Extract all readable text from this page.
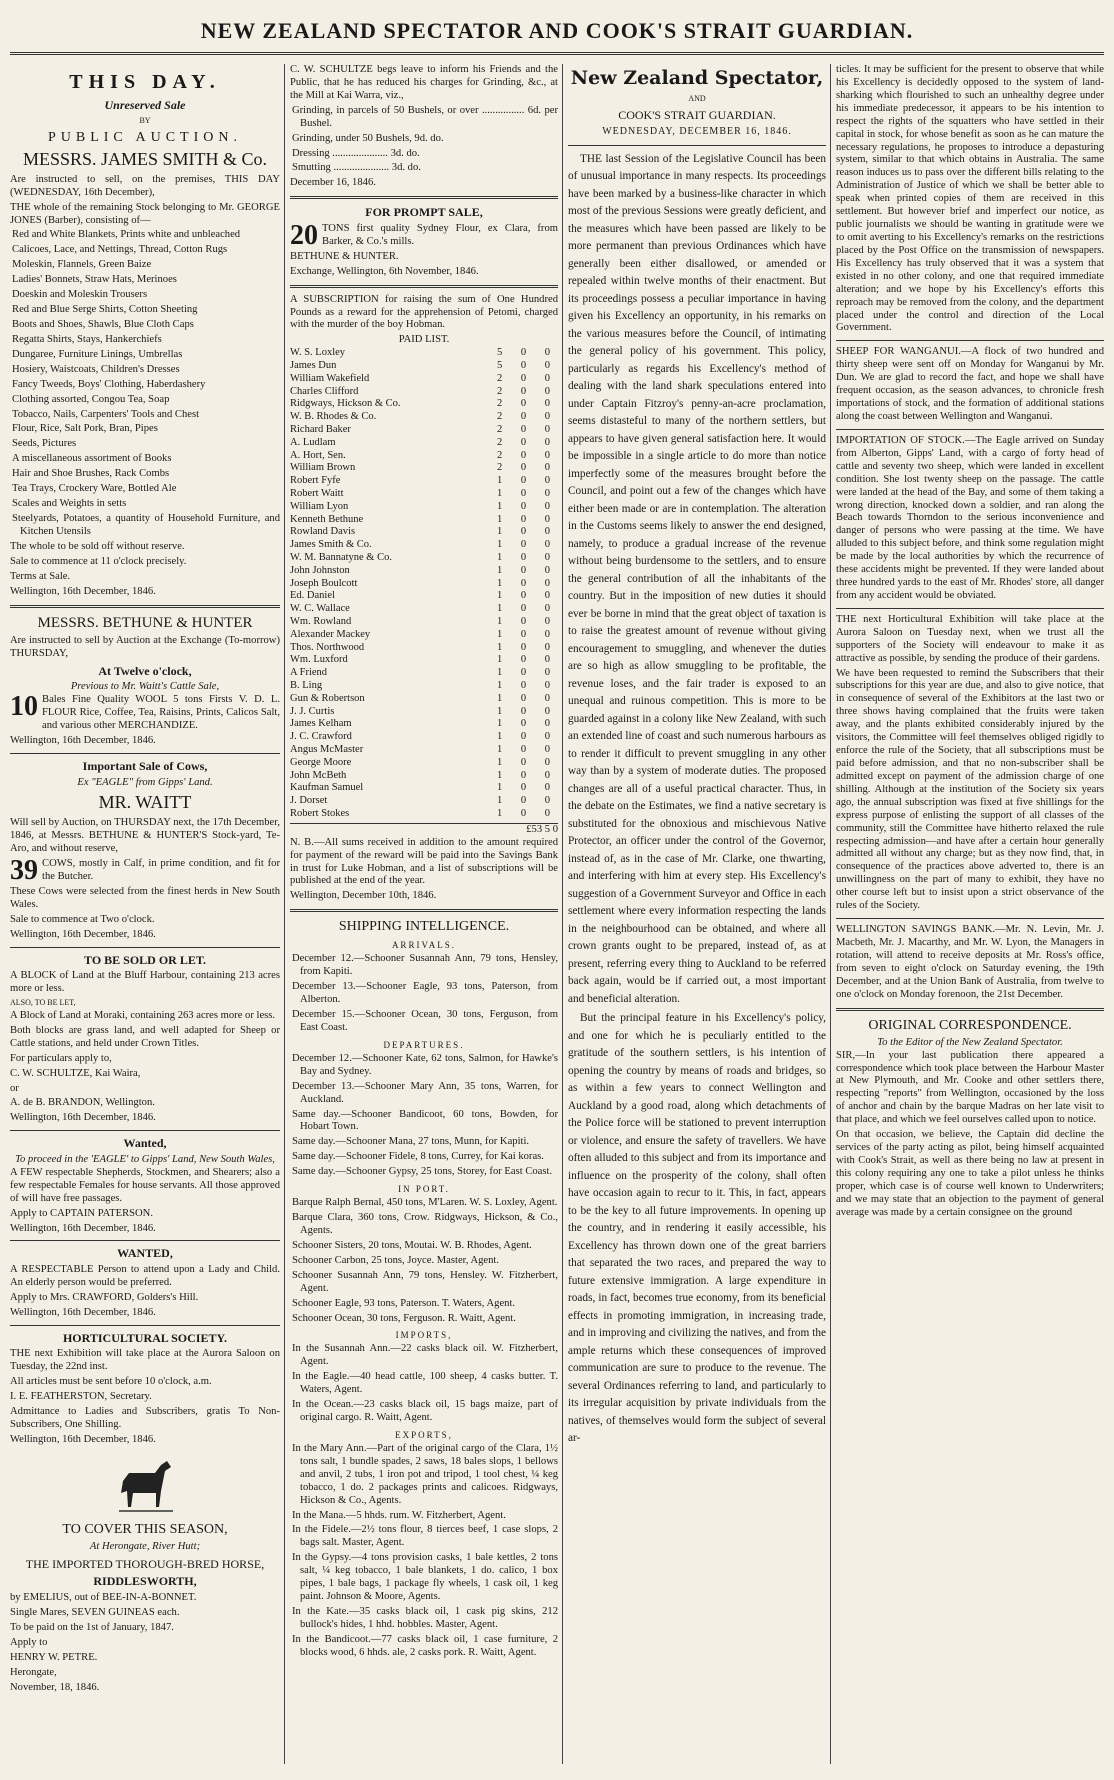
NEW ZEALAND SPECTATOR AND COOK'S STRAIT GUARDIAN.
THIS DAY.
Unreserved Sale
BY
PUBLIC AUCTION.
MESSRS. JAMES SMITH & Co.

Are instructed to sell, on the premises, THIS DAY (WEDNESDAY, 16th December),

THE whole of the remaining Stock belonging to Mr. GEORGE JONES (Barber), consisting of—

Red and White Blankets, Prints white and unbleached

Calicoes, Lace, and Nettings, Thread, Cotton Rugs

Moleskin, Flannels, Green Baize

Ladies' Bonnets, Straw Hats, Merinoes

Doeskin and Moleskin Trousers

Red and Blue Serge Shirts, Cotton Sheeting

Boots and Shoes, Shawls, Blue Cloth Caps

Regatta Shirts, Stays, Hankerchiefs

Dungaree, Furniture Linings, Umbrellas

Hosiery, Waistcoats, Children's Dresses

Fancy Tweeds, Boys' Clothing, Haberdashery

Clothing assorted, Congou Tea, Soap

Tobacco, Nails, Carpenters' Tools and Chest

Flour, Rice, Salt Pork, Bran, Pipes

Seeds, Pictures

A miscellaneous assortment of Books

Hair and Shoe Brushes, Rack Combs

Tea Trays, Crockery Ware, Bottled Ale

Scales and Weights in setts

Steelyards, Potatoes, a quantity of Household Furniture, and Kitchen Utensils

The whole to be sold off without reserve.

Sale to commence at 11 o'clock precisely.

Terms at Sale.

Wellington, 16th December, 1846.

MESSRS. BETHUNE & HUNTER

Are instructed to sell by Auction at the Exchange (To-morrow) THURSDAY,

At Twelve o'clock,
Previous to Mr. Waitt's Cattle Sale,

10 Bales Fine Quality WOOL 5 tons Firsts V. D. L. FLOUR Rice, Coffee, Tea, Raisins, Prints, Calicos Salt, and various other MERCHANDIZE.

Wellington, 16th December, 1846.

Important Sale of Cows,
Ex "EAGLE" from Gipps' Land.
MR. WAITT

Will sell by Auction, on THURSDAY next, the 17th December, 1846, at Messrs. BETHUNE & HUNTER'S Stock-yard, Te-Aro, and without reserve,

39 COWS, mostly in Calf, in prime condition, and fit for the Butcher.

These Cows were selected from the finest herds in New South Wales.

Sale to commence at Two o'clock.

Wellington, 16th December, 1846.

TO BE SOLD OR LET.

A BLOCK of Land at the Bluff Harbour, containing 213 acres more or less.

ALSO, TO BE LET,

A Block of Land at Moraki, containing 263 acres more or less.

Both blocks are grass land, and well adapted for Sheep or Cattle stations, and held under Crown Titles.

For particulars apply to,

C. W. SCHULTZE, Kai Waira,

or

A. de B. BRANDON, Wellington.

Wellington, 16th December, 1846.

Wanted,
To proceed in the 'EAGLE' to Gipps' Land, New South Wales,

A FEW respectable Shepherds, Stockmen, and Shearers; also a few respectable Females for house servants. All those approved of will have free passages.

Apply to CAPTAIN PATERSON.

Wellington, 16th December, 1846.

WANTED,

A RESPECTABLE Person to attend upon a Lady and Child. An elderly person would be preferred.

Apply to Mrs. CRAWFORD, Golders's Hill.

Wellington, 16th December, 1846.

HORTICULTURAL SOCIETY.

THE next Exhibition will take place at the Aurora Saloon on Tuesday, the 22nd inst.

All articles must be sent before 10 o'clock, a.m.

I. E. FEATHERSTON, Secretary.

Admittance to Ladies and Subscribers, gratis To Non-Subscribers, One Shilling.

Wellington, 16th December, 1846.

TO COVER THIS SEASON,
At Herongate, River Hutt;
THE IMPORTED THOROUGH-BRED HORSE,
RIDDLESWORTH,

by EMELIUS, out of BEE-IN-A-BONNET.

Single Mares, SEVEN GUINEAS each.

To be paid on the 1st of January, 1847.

Apply to

HENRY W. PETRE.

Herongate,

November, 18, 1846.

C. W. SCHULTZE begs leave to inform his Friends and the Public, that he has reduced his charges for Grinding, &c., at the Mill at Kai Warra, viz.,

Grinding, in parcels of 50 Bushels, or over ................ 6d. per Bushel.

Grinding, under 50 Bushels, 9d. do.

Dressing ..................... 3d. do.

Smutting ..................... 3d. do.

December 16, 1846.

FOR PROMPT SALE,

20 TONS first quality Sydney Flour, ex Clara, from Barker, & Co.'s mills.

BETHUNE & HUNTER.

Exchange, Wellington, 6th November, 1846.

A SUBSCRIPTION for raising the sum of One Hundred Pounds as a reward for the apprehension of Petomi, charged with the murder of the boy Hobman.

PAID LIST.
W. S. Loxley	5 0 0
James Dun	5 0 0
William Wakefield	2 0 0
Charles Clifford	2 0 0
Ridgways, Hickson & Co.	2 0 0
W. B. Rhodes & Co.	2 0 0
Richard Baker	2 0 0
A. Ludlam	2 0 0
A. Hort, Sen.	2 0 0
William Brown	2 0 0
Robert Fyfe	1 0 0
Robert Waitt	1 0 0
William Lyon	1 0 0
Kenneth Bethune	1 0 0
Rowland Davis	1 0 0
James Smith & Co.	1 0 0
W. M. Bannatyne & Co.	1 0 0
John Johnston	1 0 0
Joseph Boulcott	1 0 0
Ed. Daniel	1 0 0
W. C. Wallace	1 0 0
Wm. Rowland	1 0 0
Alexander Mackey	1 0 0
Thos. Northwood	1 0 0
Wm. Luxford	1 0 0
A Friend	1 0 0
B. Ling	1 0 0
Gun & Robertson	1 0 0
J. J. Curtis	1 0 0
James Kelham	1 0 0
J. C. Crawford	1 0 0
Angus McMaster	1 0 0
George Moore	1 0 0
John McBeth	1 0 0
Kaufman Samuel	1 0 0
J. Dorset	1 0 0
Robert Stokes	1 0 0
£53 5 0

N. B.—All sums received in addition to the amount required for payment of the reward will be paid into the Savings Bank in trust for Luke Hobman, and a list of subscriptions will be published at the end of the year.

Wellington, December 10th, 1846.

SHIPPING INTELLIGENCE.
ARRIVALS.

December 12.—Schooner Susannah Ann, 79 tons, Hensley, from Kapiti.

December 13.—Schooner Eagle, 93 tons, Paterson, from Alberton.

December 15.—Schooner Ocean, 30 tons, Ferguson, from East Coast.

DEPARTURES.

December 12.—Schooner Kate, 62 tons, Salmon, for Hawke's Bay and Sydney.

December 13.—Schooner Mary Ann, 35 tons, Warren, for Auckland.

Same day.—Schooner Bandicoot, 60 tons, Bowden, for Hobart Town.

Same day.—Schooner Mana, 27 tons, Munn, for Kapiti.

Same day.—Schooner Fidele, 8 tons, Currey, for Kai koras.

Same day.—Schooner Gypsy, 25 tons, Storey, for East Coast.

IN PORT.

Barque Ralph Bernal, 450 tons, M'Laren. W. S. Loxley, Agent.

Barque Clara, 360 tons, Crow. Ridgways, Hickson, & Co., Agents.

Schooner Sisters, 20 tons, Moutai. W. B. Rhodes, Agent.

Schooner Carbon, 25 tons, Joyce. Master, Agent.

Schooner Susannah Ann, 79 tons, Hensley. W. Fitzherbert, Agent.

Schooner Eagle, 93 tons, Paterson. T. Waters, Agent.

Schooner Ocean, 30 tons, Ferguson. R. Waitt, Agent.

IMPORTS,

In the Susannah Ann.—22 casks black oil. W. Fitzherbert, Agent.

In the Eagle.—40 head cattle, 100 sheep, 4 casks butter. T. Waters, Agent.

In the Ocean.—23 casks black oil, 15 bags maize, part of original cargo. R. Waitt, Agent.

EXPORTS,

In the Mary Ann.—Part of the original cargo of the Clara, 1½ tons salt, 1 bundle spades, 2 saws, 18 bales slops, 1 bellows and anvil, 2 tubs, 1 iron pot and tripod, 1 tool chest, ¼ keg tobacco, 1 do. 2 packages prints and calicoes. Ridgways, Hickson & Co., Agents.

In the Mana.—5 hhds. rum. W. Fitzherbert, Agent.

In the Fidele.—2½ tons flour, 8 tierces beef, 1 case slops, 2 bags salt. Master, Agent.

In the Gypsy.—4 tons provision casks, 1 bale kettles, 2 tons salt, ¼ keg tobacco, 1 bale blankets, 1 do. calico, 1 box pipes, 1 bale bags, 1 package fly wheels, 1 cask oil, 1 keg paint. Johnson & Moore, Agents.

In the Kate.—35 casks black oil, 1 cask pig skins, 212 bullock's hides, 1 hhd. hobbles. Master, Agent.

In the Bandicoot.—77 casks black oil, 1 case furniture, 2 blocks wood, 6 hhds. ale, 2 casks pork. R. Waitt, Agent.

New Zealand Spectator,
AND
COOK'S STRAIT GUARDIAN.
WEDNESDAY, DECEMBER 16, 1846.

THE last Session of the Legislative Council has been of unusual importance in many respects. Its proceedings have been marked by a business-like character in which most of the previous Sessions were greatly deficient, and the measures which have been passed are likely to be more permanent than previous Ordinances which have generally been either disallowed, or amended or repealed within twelve months of their enactment. But its proceedings possess a peculiar importance in having given his Excellency an opportunity, in his remarks on the various measures before the Council, of intimating the general policy of his government. This policy, particularly as regards his Excellency's method of dealing with the land shark speculations entered into under Captain Fitzroy's penny-an-acre proclamation, seems distasteful to many of the northern settlers, but appears to have given general satisfaction here. It would be impossible in a single article to do more than notice imperfectly some of the measures brought before the Council, and point out a few of the changes which have either been made or are in contemplation. The alteration in the Customs seems likely to answer the end designed, namely, to produce a gradual increase of the revenue without being burdensome to the settlers, and to ensure the general contribution of all the inhabitants of the country. But in the imposition of new duties it should ever be borne in mind that the great object of taxation is to raise the greatest amount of revenue without giving encouragement to smuggling, and whenever the duties are so high as allow smuggling to be profitable, the revenue loses, and the fair trader is exposed to an unequal and ruinous competition. This is more to be guarded against in a colony like New Zealand, with such an extended line of coast and such numerous harbours as to render it difficult to prevent smuggling in any other way than by a system of moderate duties. The proposed changes are all of a useful practical character. Thus, in the debate on the Estimates, we find a native secretary is substituted for the obnoxious and mischievous Native Protector, an officer under the control of the Governor, instead of, as in the case of Mr. Clarke, one thwarting, and interfering with him at every step. His Excellency's suggestion of a Government Surveyor and Office in each settlement where every information respecting the lands in the neighbourhood can be obtained, and where all crown grants ought to be prepared, instead of, as at present, referring every thing to Auckland to be referred back again, would be if carried out, a most important and beneficial alteration.

But the principal feature in his Excellency's policy, and one for which he is peculiarly entitled to the gratitude of the southern settlers, is his intention of opening the country by means of roads and bridges, so as within a few years to connect Wellington and Auckland by a good road, along which detachments of the Police force will be stationed to prevent interruption or violence, and ensure the safety of travellers. We have often alluded to this subject and from its importance and influence on the prosperity of the colony, shall often have occasion again to recur to it. This, in fact, appears to be the key to all future improvements. In opening up the country, and in rendering it easily accessible, his Excellency has thrown down one of the great barriers that separated the two races, and prepared the way to future extensive immigration. A large expenditure in roads, in fact, becomes true economy, from its beneficial effects in promoting immigration, in increasing trade, and in improving and civilizing the natives, and from the ample returns which these consequences of improved communication are sure to produce to the revenue. The several Ordinances referring to land, and particularly to its irregular acquisition by private individuals from the natives, of themselves would form the subject of several ar-

ticles. It may be sufficient for the present to observe that while his Excellency is decidedly opposed to the system of land-sharking which flourished to such an unhealthy degree under his immediate predecessor, it appears to be his intention to respect the rights of the squatters who have settled in their capital in stock, for whose benefit as soon as he can mature the necessary regulations, he proposes to introduce a depasturing system, similar to that which obtains in Australia. The same reason induces us to pass over the different bills relating to the Administration of Justice of which we shall be better able to speak when printed copies of them are received in this settlement. But however brief and imperfect our notice, as public journalists we should be wanting in gratitude were we to omit averting to his Excellency's remarks on the restrictions placed by the Post Office on the transmission of newspapers. His Excellency has truly observed that it was a system that existed in no other colony, and one that required immediate alteration; and we hope by his Excellency's efforts this reproach may be removed from the colony, and the department placed under the control and direction of the Local Government.

SHEEP FOR WANGANUI.—A flock of two hundred and thirty sheep were sent off on Monday for Wanganui by Mr. Dun. We are glad to record the fact, and hope we shall have frequent occasion, as the season advances, to chronicle fresh importations of stock, and the formation of additional stations along the coast between Wellington and Wanganui.

IMPORTATION OF STOCK.—The Eagle arrived on Sunday from Alberton, Gipps' Land, with a cargo of forty head of cattle and seventy two sheep, which were landed in excellent condition. She lost twenty sheep on the passage. The cattle were landed at the head of the Bay, and some of them taking a wrong direction, knocked down a soldier, and ran along the Beach towards Thorndon to the serious inconvenience and danger of persons who were passing at the time. We have alluded to this subject before, and think some regulation might be made by the local authorities by which the recurrence of these accidents might be prevented. If they were landed about three hundred yards to the east of Mr. Rhodes' store, all danger from any accident would be obviated.

THE next Horticultural Exhibition will take place at the Aurora Saloon on Tuesday next, when we trust all the supporters of the Society will endeavour to make it as attractive as possible, by sending the produce of their gardens.

We have been requested to remind the Subscribers that their subscriptions for this year are due, and also to give notice, that in consequence of several of the Exhibitors at the last two or three shows having complained that the fruits were taken away, and the plants exhibited considerably injured by the visitors, the Committee will feel themselves obliged rigidly to enforce the rule of the Society, that all subscriptions must be paid before admission, and that no non-subscriber shall be admitted except on payment of the admission charge of one shilling. Although at the institution of the Society six years ago, the annual subscription was fixed at five shillings for the express purpose of enlisting the support of all classes of the community, still the Committee have hitherto relaxed the rule respecting admission—and have after a certain hour generally admitted all without any charge; but as they now find, that, in consequence of the practices above adverted to, there is an unwillingness on the part of many to exhibit, they have no other course left but to insist upon a strict observance of the rules of the Society.

WELLINGTON SAVINGS BANK.—Mr. N. Levin, Mr. J. Macbeth, Mr. J. Macarthy, and Mr. W. Lyon, the Managers in rotation, will attend to receive deposits at Mr. Ross's office, from seven to eight o'clock on Saturday evening, the 19th December, and at the Union Bank of Australia, from twelve to one o'clock on Monday forenoon, the 21st December.

ORIGINAL CORRESPONDENCE.
To the Editor of the New Zealand Spectator.

SIR,—In your last publication there appeared a correspondence which took place between the Harbour Master at New Plymouth, and Mr. Cooke and other settlers there, respecting "reports" from Wellington, occasioned by the loss of anchor and chain by the barque Madras on her late visit to that place, and which we feel ourselves called upon to notice.

On that occasion, we believe, the Captain did decline the services of the party acting as pilot, being himself acquainted with Cook's Strait, as well as there being no law at present in this colony requiring any one to take a pilot unless he thinks proper, which case is of course well known to Underwriters; and we may state that an objection to the payment of general average was made by a certain consignee on the ground
